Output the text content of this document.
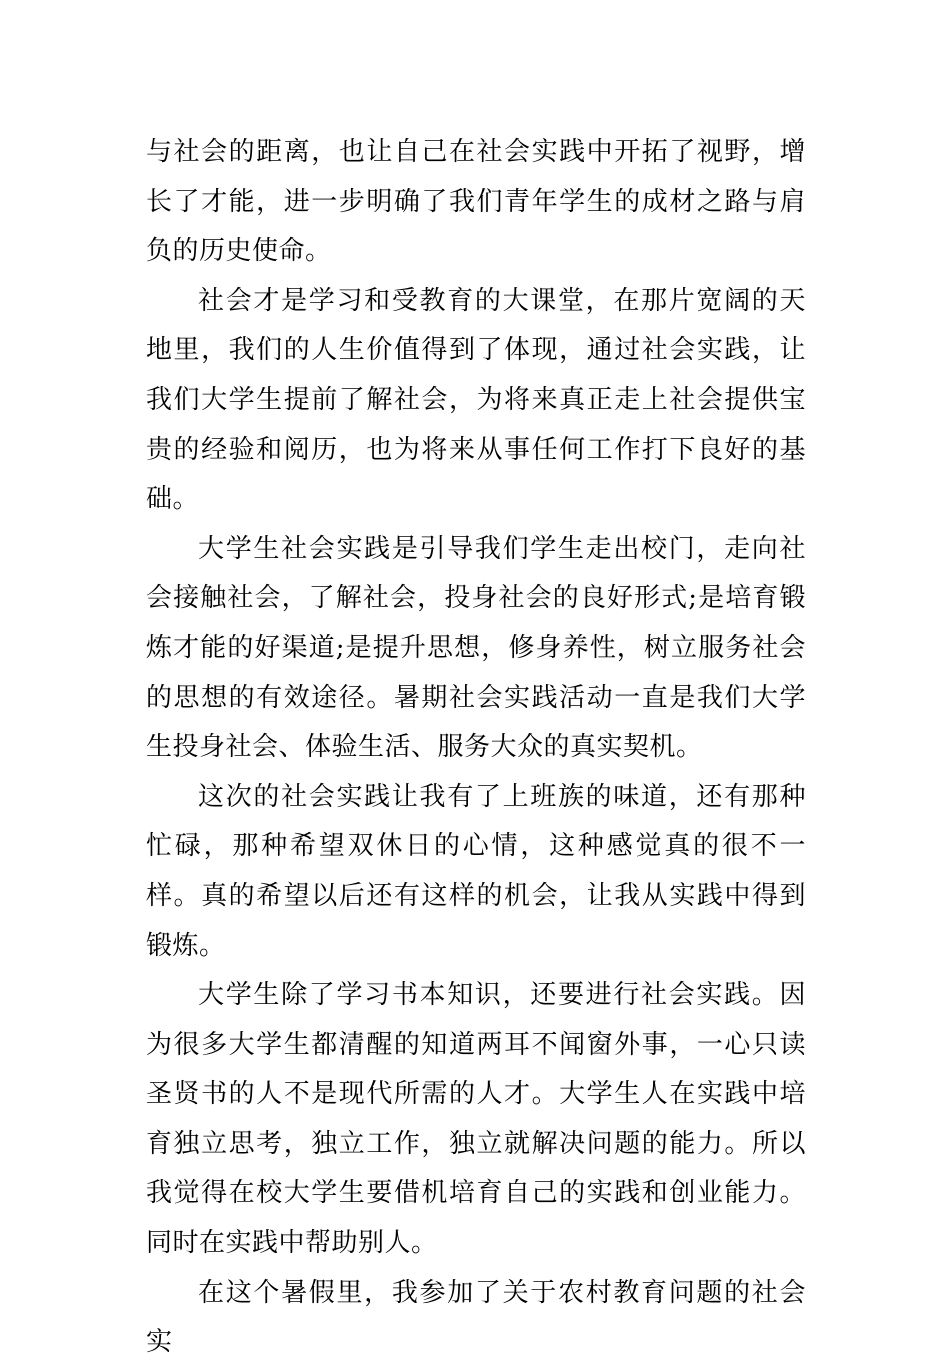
与社会的距离，也让自己在社会实践中开拓了视野，增长了才能，进一步明确了我们青年学生的成材之路与肩负的历史使命。

社会才是学习和受教育的大课堂，在那片宽阔的天地里，我们的人生价值得到了体现，通过社会实践，让我们大学生提前了解社会，为将来真正走上社会提供宝贵的经验和阅历，也为将来从事任何工作打下良好的基础。

大学生社会实践是引导我们学生走出校门，走向社会接触社会，了解社会，投身社会的良好形式;是培育锻炼才能的好渠道;是提升思想，修身养性，树立服务社会的思想的有效途径。暑期社会实践活动一直是我们大学生投身社会、体验生活、服务大众的真实契机。

这次的社会实践让我有了上班族的味道，还有那种忙碌，那种希望双休日的心情，这种感觉真的很不一样。真的希望以后还有这样的机会，让我从实践中得到锻炼。

大学生除了学习书本知识，还要进行社会实践。因为很多大学生都清醒的知道两耳不闻窗外事，一心只读圣贤书的人不是现代所需的人才。大学生人在实践中培育独立思考，独立工作，独立就解决问题的能力。所以我觉得在校大学生要借机培育自己的实践和创业能力。同时在实践中帮助别人。

在这个暑假里，我参加了关于农村教育问题的社会实
